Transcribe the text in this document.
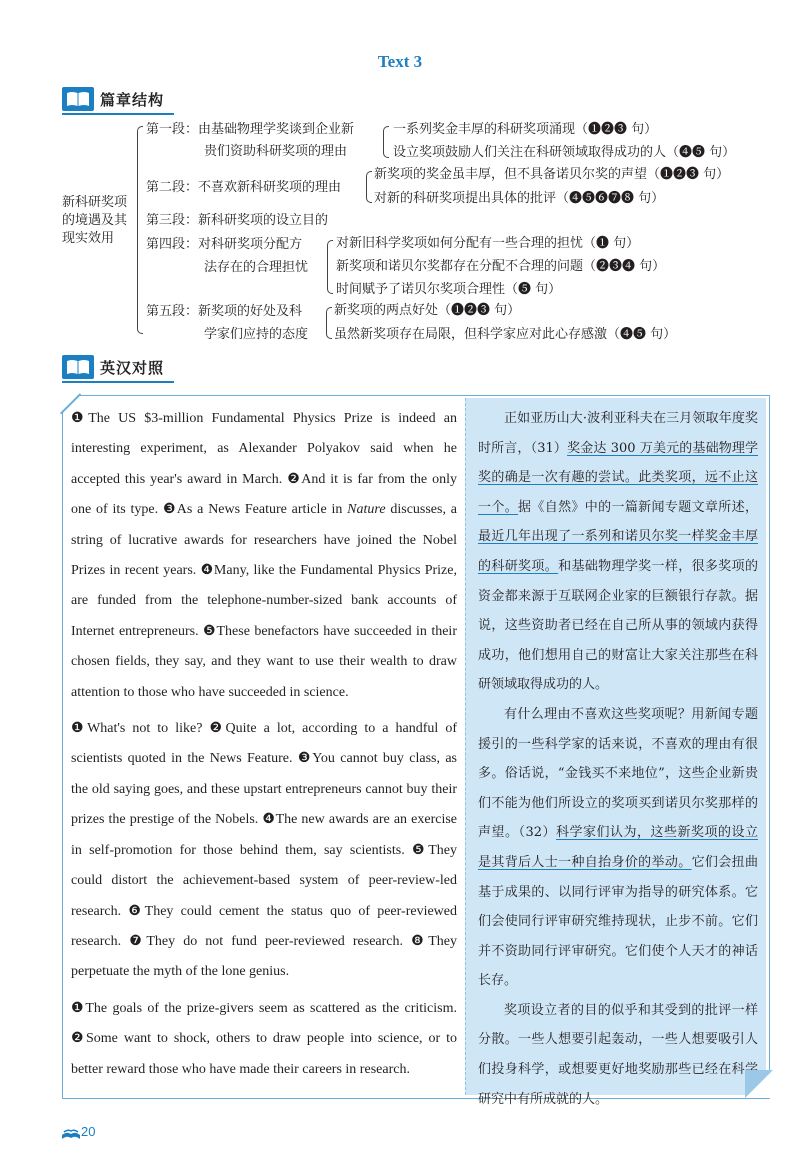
Text 3
篇章结构
新科研奖项
的境遇及其
现实效用
第一段：由基础物理学奖谈到企业新
贵们资助科研奖项的理由
一系列奖金丰厚的科研奖项涌现（❶❷❸ 句）
设立奖项鼓励人们关注在科研领域取得成功的人（❹❺ 句）
第二段：不喜欢新科研奖项的理由
新奖项的奖金虽丰厚，但不具备诺贝尔奖的声望（❶❷❸ 句）
对新的科研奖项提出具体的批评（❹❺❻❼❽ 句）
第三段：新科研奖项的设立目的
第四段：对科研奖项分配方
法存在的合理担忧
对新旧科学奖项如何分配有一些合理的担忧（❶ 句）
新奖项和诺贝尔奖都存在分配不合理的问题（❷❸❹ 句）
时间赋予了诺贝尔奖项合理性（❺ 句）
第五段：新奖项的好处及科
学家们应持的态度
新奖项的两点好处（❶❷❸ 句）
虽然新奖项存在局限，但科学家应对此心存感激（❹❺ 句）
英汉对照

❶The US $3-million Fundamental Physics Prize is indeed an interesting experiment, as Alexander Polyakov said when he accepted this year's award in March. ❷And it is far from the only one of its type. ❸As a News Feature article in Nature discusses, a string of lucrative awards for researchers have joined the Nobel Prizes in recent years. ❹Many, like the Fundamental Physics Prize, are funded from the telephone-number-sized bank accounts of Internet entrepreneurs. ❺These benefactors have succeeded in their chosen fields, they say, and they want to use their wealth to draw attention to those who have succeeded in science.

❶What's not to like? ❷Quite a lot, according to a handful of scientists quoted in the News Feature. ❸You cannot buy class, as the old saying goes, and these upstart entrepreneurs cannot buy their prizes the prestige of the Nobels. ❹The new awards are an exercise in self-promotion for those behind them, say scientists. ❺They could distort the achievement-based system of peer-review-led research. ❻They could cement the status quo of peer-reviewed research. ❼They do not fund peer-reviewed research. ❽They perpetuate the myth of the lone genius.

❶The goals of the prize-givers seem as scattered as the criticism. ❷Some want to shock, others to draw people into science, or to better reward those who have made their careers in research.

正如亚历山大·波利亚科夫在三月领取年度奖时所言，（31）奖金达 300 万美元的基础物理学奖的确是一次有趣的尝试。此类奖项，远不止这一个。据《自然》中的一篇新闻专题文章所述，最近几年出现了一系列和诺贝尔奖一样奖金丰厚的科研奖项。和基础物理学奖一样，很多奖项的资金都来源于互联网企业家的巨额银行存款。据说，这些资助者已经在自己所从事的领域内获得成功，他们想用自己的财富让大家关注那些在科研领域取得成功的人。

有什么理由不喜欢这些奖项呢？用新闻专题援引的一些科学家的话来说，不喜欢的理由有很多。俗话说，“金钱买不来地位”，这些企业新贵们不能为他们所设立的奖项买到诺贝尔奖那样的声望。（32）科学家们认为，这些新奖项的设立是其背后人士一种自抬身价的举动。它们会扭曲基于成果的、以同行评审为指导的研究体系。它们会使同行评审研究维持现状，止步不前。它们并不资助同行评审研究。它们使个人天才的神话长存。

奖项设立者的目的似乎和其受到的批评一样分散。一些人想要引起轰动，一些人想要吸引人们投身科学，或想要更好地奖励那些已经在科学研究中有所成就的人。

20
